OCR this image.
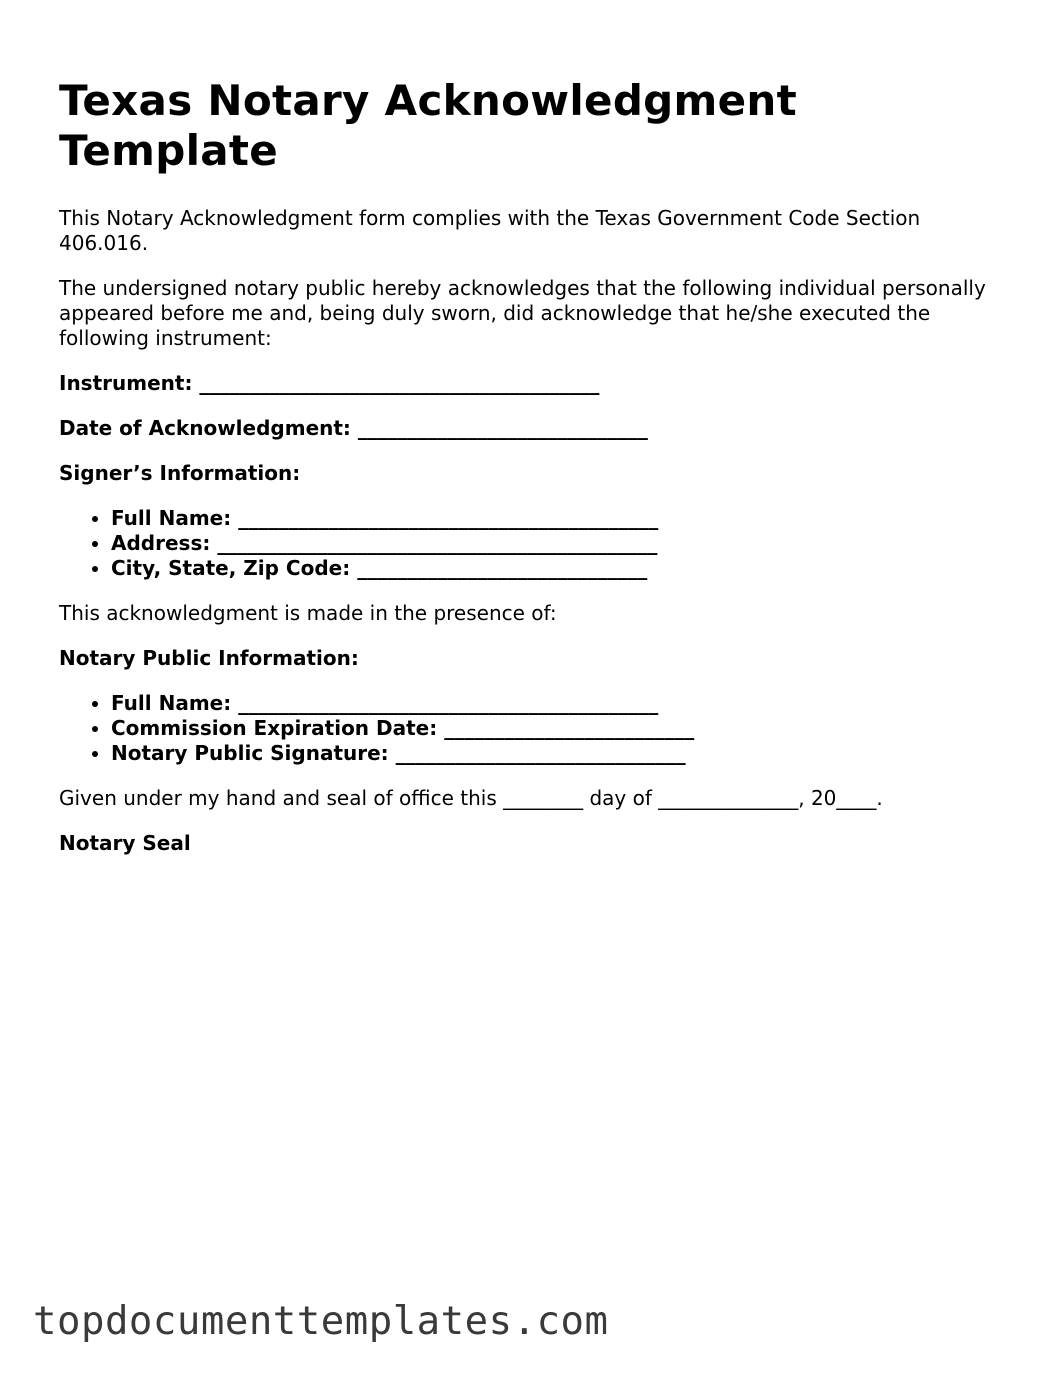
Texas Notary Acknowledgment Template

This Notary Acknowledgment form complies with the Texas Government Code Section 406.016.

The undersigned notary public hereby acknowledges that the following individual personally appeared before me and, being duly sworn, did acknowledge that he/she executed the following instrument:

Instrument: ________________________________________

Date of Acknowledgment: _____________________________

Signer’s Information:

• Full Name: __________________________________________
• Address: ____________________________________________
• City, State, Zip Code: _____________________________

This acknowledgment is made in the presence of:

Notary Public Information:

• Full Name: __________________________________________
• Commission Expiration Date: _________________________
• Notary Public Signature: _____________________________

Given under my hand and seal of office this ________ day of ______________, 20____.

Notary Seal

topdocumenttemplates.com
